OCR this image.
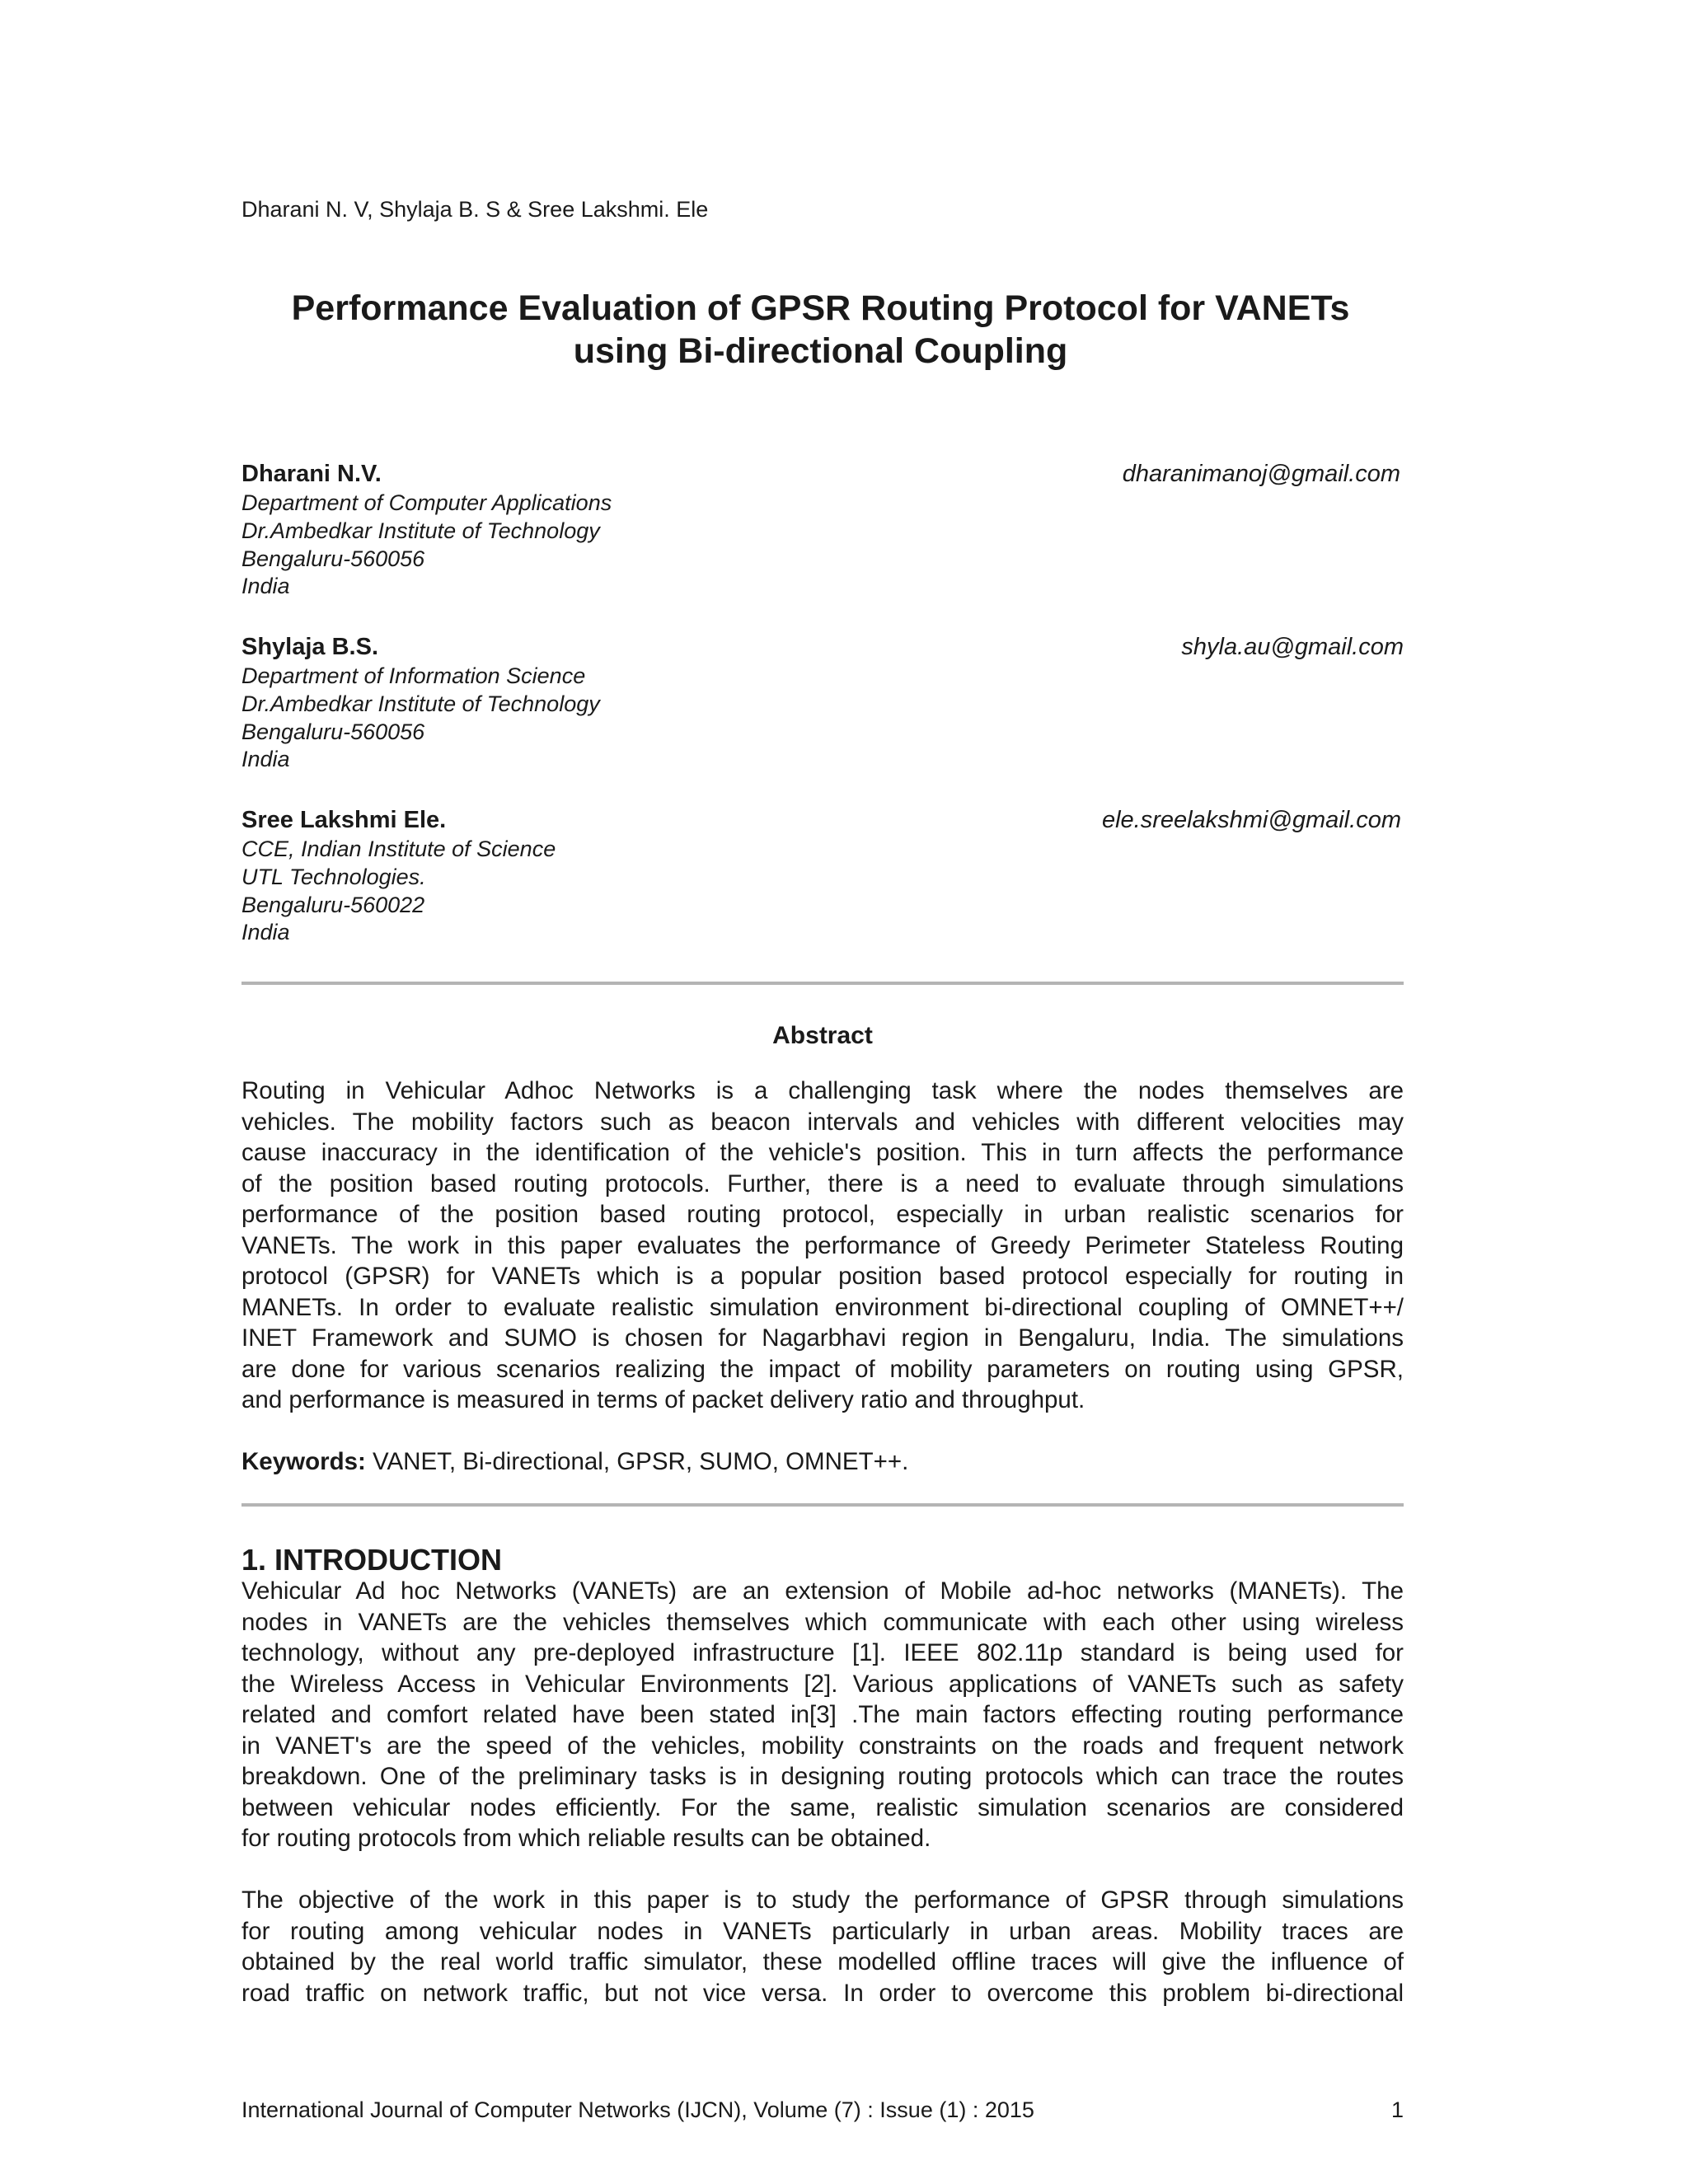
Dharani N. V, Shylaja B. S & Sree Lakshmi. Ele
Performance Evaluation of GPSR Routing Protocol for VANETs
using Bi-directional Coupling
Dharani N.V.	dharanimanoj@gmail.com
Department of Computer Applications
Dr.Ambedkar Institute of Technology
Bengaluru-560056
India
Shylaja B.S.	shyla.au@gmail.com
Department of Information Science
Dr.Ambedkar Institute of Technology
Bengaluru-560056
India
Sree Lakshmi Ele.	ele.sreelakshmi@gmail.com
CCE, Indian Institute of Science
UTL Technologies.
Bengaluru-560022
India
Abstract
Routing in Vehicular Adhoc Networks is a challenging task where the nodes themselves are
vehicles. The mobility factors such as beacon intervals and vehicles with different velocities may
cause inaccuracy in the identification of the vehicle's position. This in turn affects the performance
of the position based routing protocols. Further, there is a need to evaluate through simulations
performance of the position based routing protocol, especially in urban realistic scenarios for
VANETs. The work in this paper evaluates the performance of Greedy Perimeter Stateless Routing
protocol (GPSR) for VANETs which is a popular position based protocol especially for routing in
MANETs. In order to evaluate realistic simulation environment bi-directional coupling of OMNET++/
INET Framework and SUMO is chosen for Nagarbhavi region in Bengaluru, India. The simulations
are done for various scenarios realizing the impact of mobility parameters on routing using GPSR,
and performance is measured in terms of packet delivery ratio and throughput.
Keywords: VANET, Bi-directional, GPSR, SUMO, OMNET++.
1. INTRODUCTION
Vehicular Ad hoc Networks (VANETs) are an extension of Mobile ad-hoc networks (MANETs). The
nodes in VANETs are the vehicles themselves which communicate with each other using wireless
technology, without any pre-deployed infrastructure [1]. IEEE 802.11p standard is being used for
the Wireless Access in Vehicular Environments [2]. Various applications of VANETs such as safety
related and comfort related have been stated in[3] .The main factors effecting routing performance
in VANET's are the speed of the vehicles, mobility constraints on the roads and frequent network
breakdown. One of the preliminary tasks is in designing routing protocols which can trace the routes
between vehicular nodes efficiently. For the same, realistic simulation scenarios are considered
for routing protocols from which reliable results can be obtained.
The objective of the work in this paper is to study the performance of GPSR through simulations
for routing among vehicular nodes in VANETs particularly in urban areas. Mobility traces are
obtained by the real world traffic simulator, these modelled offline traces will give the influence of
road traffic on network traffic, but not vice versa. In order to overcome this problem bi-directional
International Journal of Computer Networks (IJCN), Volume (7) : Issue (1) : 2015	1
